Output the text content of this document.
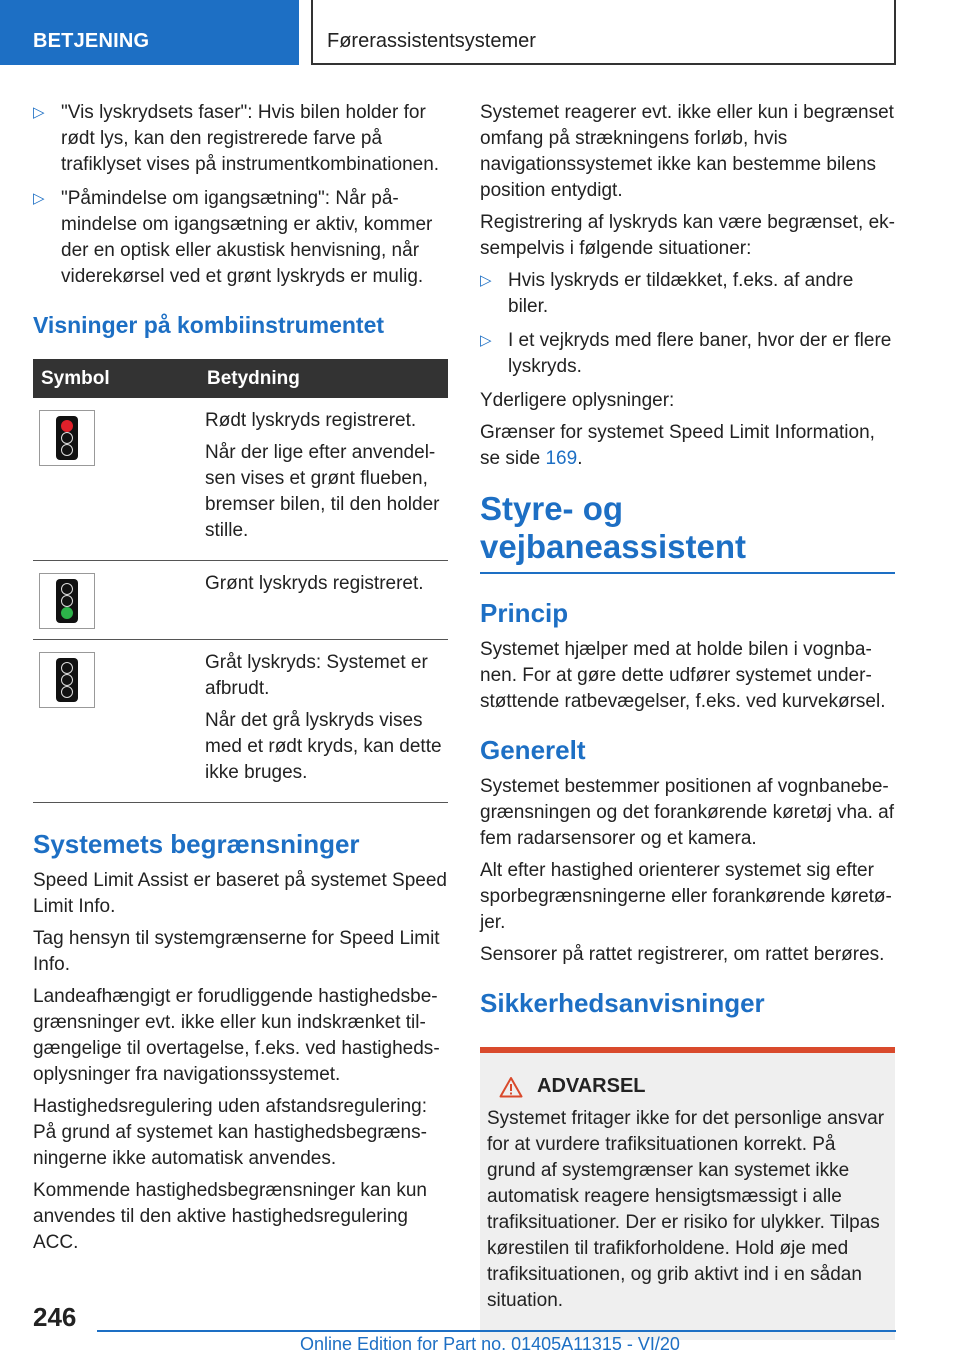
BETJENING	Førerassistentsystemer
▷ "Vis lyskrydsets faser": Hvis bilen holder for rødt lys, kan den registrerede farve på trafiklyset vises på instrumentkombinationen.
▷ "Påmindelse om igangsætning": Når påmindelse om igangsætning er aktiv, kommer der en optisk eller akustisk henvisning, når viderekørsel ved et grønt lyskryds er mulig.
Visninger på kombiinstrumentet
Symbol	Betydning

	Rødt lyskryds registreret.

Når der lige efter anvendelsen vises et grønt flueben, bremser bilen, til den holder stille.

	Grønt lyskryds registreret.

	Gråt lyskryds: Systemet er afbrudt.

Når det grå lyskryds vises med et rødt kryds, kan dette ikke bruges.

Systemets begrænsninger

Speed Limit Assist er baseret på systemet Speed Limit Info.

Tag hensyn til systemgrænserne for Speed Limit Info.

Landeafhængigt er forudliggende hastighedsbegrænsninger evt. ikke eller kun indskrænket tilgængelige til overtagelse, f.eks. ved hastighedsoplysninger fra navigationssystemet.

Hastighedsregulering uden afstandsregulering: På grund af systemet kan hastighedsbegrænsningerne ikke automatisk anvendes.

Kommende hastighedsbegrænsninger kan kun anvendes til den aktive hastighedsregulering ACC.

Systemet reagerer evt. ikke eller kun i begrænset omfang på strækningens forløb, hvis navigationssystemet ikke kan bestemme bilens position entydigt.

Registrering af lyskryds kan være begrænset, eksempelvis i følgende situationer:

▷ Hvis lyskryds er tildækket, f.eks. af andre biler.
▷ I et vejkryds med flere baner, hvor der er flere lyskryds.

Yderligere oplysninger:

Grænser for systemet Speed Limit Information, se side 169.

Styre- og vejbaneassistent
Princip

Systemet hjælper med at holde bilen i vognbanen. For at gøre dette udfører systemet understøttende ratbevægelser, f.eks. ved kurvekørsel.

Generelt

Systemet bestemmer positionen af vognbanebegrænsningen og det forankørende køretøj vha. af fem radarsensorer og et kamera.

Alt efter hastighed orienterer systemet sig efter sporbegrænsningerne eller forankørende køretøjer.

Sensorer på rattet registrerer, om rattet berøres.

Sikkerhedsanvisninger
ADVARSEL

Systemet fritager ikke for det personlige ansvar for at vurdere trafiksituationen korrekt. På grund af systemgrænser kan systemet ikke automatisk reagere hensigtsmæssigt i alle trafiksituationer. Der er risiko for ulykker. Tilpas kørestilen til trafikforholdene. Hold øje med trafiksituationen, og grib aktivt ind i en sådan situation.

246
Online Edition for Part no. 01405A11315 - VI/20
